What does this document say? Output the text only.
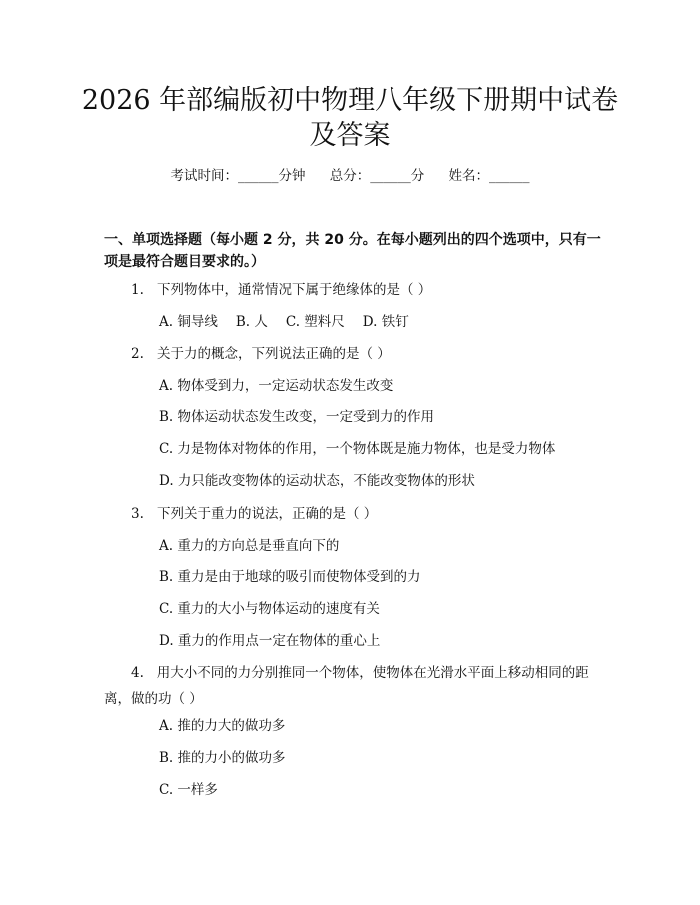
2026 年部编版初中物理八年级下册期中试卷
及答案
考试时间：______分钟 总分：______分 姓名：______
一、单项选择题（每小题 2 分，共 20 分。在每小题列出的四个选项中，只有一项是最符合题目要求的。）
1. 下列物体中，通常情况下属于绝缘体的是（ ）
A. 铜导线 B. 人 C. 塑料尺 D. 铁钉
2. 关于力的概念，下列说法正确的是（ ）
A. 物体受到力，一定运动状态发生改变
B. 物体运动状态发生改变，一定受到力的作用
C. 力是物体对物体的作用，一个物体既是施力物体，也是受力物体
D. 力只能改变物体的运动状态，不能改变物体的形状
3. 下列关于重力的说法，正确的是（ ）
A. 重力的方向总是垂直向下的
B. 重力是由于地球的吸引而使物体受到的力
C. 重力的大小与物体运动的速度有关
D. 重力的作用点一定在物体的重心上
4. 用大小不同的力分别推同一个物体，使物体在光滑水平面上移动相同的距离，做的功（ ）
A. 推的力大的做功多
B. 推的力小的做功多
C. 一样多
